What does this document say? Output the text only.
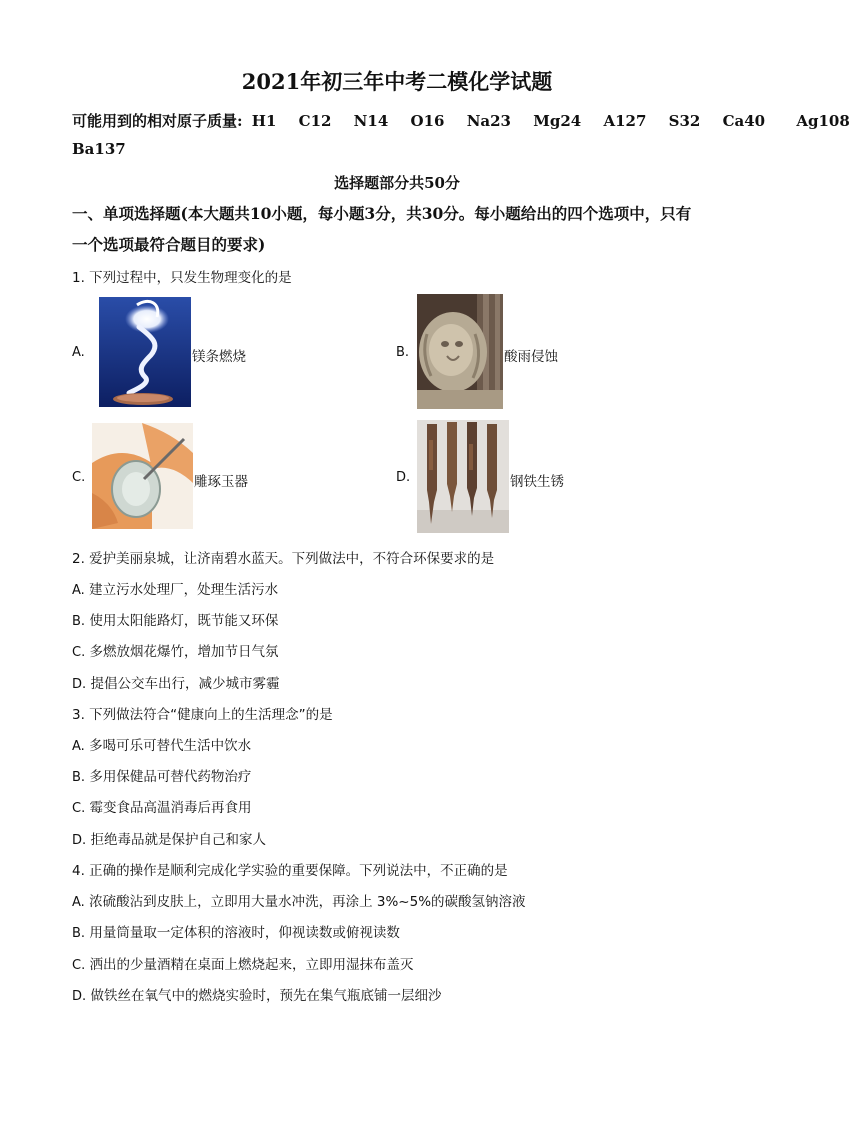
2021年初三年中考二模化学试题
可能用到的相对原子质量: H1 C12 N14 O16 Na23 Mg24 A127 S32 Ca40 Ag108
Ba137
选择题部分共50分
一、单项选择题(本大题共10小题，每小题3分，共30分。每小题给出的四个选项中，只有
一个选项最符合题目的要求)
1. 下列过程中，只发生物理变化的是
A.	镁条燃烧	B.	酸雨侵蚀
C.	雕琢玉器	D.	钢铁生锈
2. 爱护美丽泉城，让济南碧水蓝天。下列做法中，不符合环保要求的是
A. 建立污水处理厂，处理生活污水
B. 使用太阳能路灯，既节能又环保
C. 多燃放烟花爆竹，增加节日气氛
D. 提倡公交车出行，减少城市雾霾
3. 下列做法符合“健康向上的生活理念”的是
A. 多喝可乐可替代生活中饮水
B. 多用保健品可替代药物治疗
C. 霉变食品高温消毒后再食用
D. 拒绝毒品就是保护自己和家人
4. 正确的操作是顺利完成化学实验的重要保障。下列说法中，不正确的是
A. 浓硫酸沾到皮肤上，立即用大量水冲洗，再涂上 3%~5%的碳酸氢钠溶液
B. 用量筒量取一定体积的溶液时，仰视读数或俯视读数
C. 洒出的少量酒精在桌面上燃烧起来，立即用湿抹布盖灭
D. 做铁丝在氧气中的燃烧实验时，预先在集气瓶底铺一层细沙
